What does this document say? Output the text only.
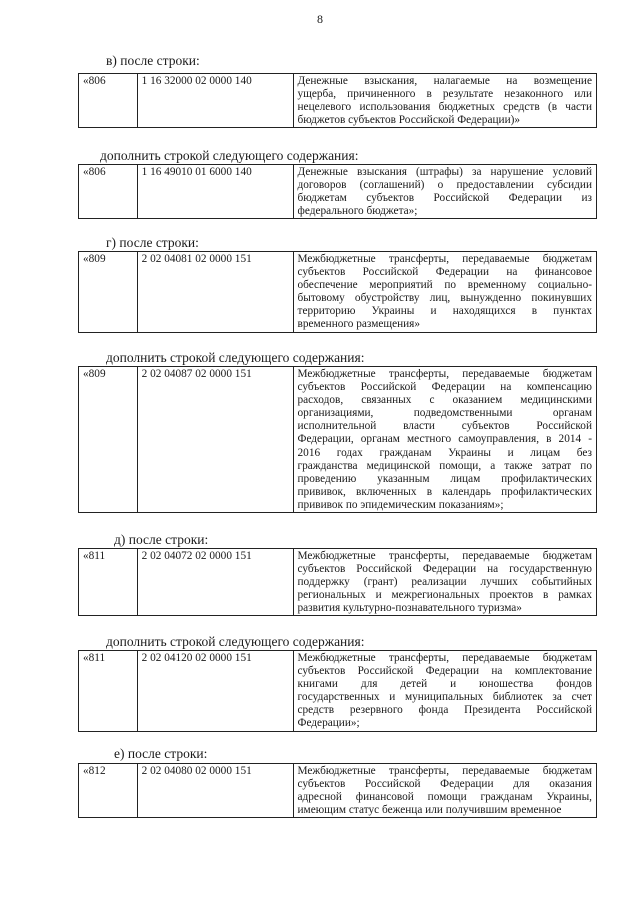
8
в) после строки:
«806	1 16 32000 02 0000 140	Денежные взыскания, налагаемые на возмещение
ущерба, причиненного в результате незаконного или
нецелевого использования бюджетных средств (в части
бюджетов субъектов Российской Федерации)»
дополнить строкой следующего содержания:
«806	1 16 49010 01 6000 140	Денежные взыскания (штрафы) за нарушение условий
договоров (соглашений) о предоставлении субсидии
бюджетам субъектов Российской Федерации из
федерального бюджета»;
г) после строки:
«809	2 02 04081 02 0000 151	Межбюджетные трансферты, передаваемые бюджетам
субъектов Российской Федерации на финансовое
обеспечение мероприятий по временному социально-
бытовому обустройству лиц, вынужденно покинувших
территорию Украины и находящихся в пунктах
временного размещения»
дополнить строкой следующего содержания:
«809	2 02 04087 02 0000 151	Межбюджетные трансферты, передаваемые бюджетам
субъектов Российской Федерации на компенсацию
расходов, связанных с оказанием медицинскими
организациями, подведомственными органам
исполнительной власти субъектов Российской
Федерации, органам местного самоуправления, в 2014 -
2016 годах гражданам Украины и лицам без
гражданства медицинской помощи, а также затрат по
проведению указанным лицам профилактических
прививок, включенных в календарь профилактических
прививок по эпидемическим показаниям»;
д) после строки:
«811	2 02 04072 02 0000 151	Межбюджетные трансферты, передаваемые бюджетам
субъектов Российской Федерации на государственную
поддержку (грант) реализации лучших событийных
региональных и межрегиональных проектов в рамках
развития культурно-познавательного туризма»
дополнить строкой следующего содержания:
«811	2 02 04120 02 0000 151	Межбюджетные трансферты, передаваемые бюджетам
субъектов Российской Федерации на комплектование
книгами для детей и юношества фондов
государственных и муниципальных библиотек за счет
средств резервного фонда Президента Российской
Федерации»;
е) после строки:
«812	2 02 04080 02 0000 151	Межбюджетные трансферты, передаваемые бюджетам
субъектов Российской Федерации для оказания
адресной финансовой помощи гражданам Украины,
имеющим статус беженца или получившим временное
